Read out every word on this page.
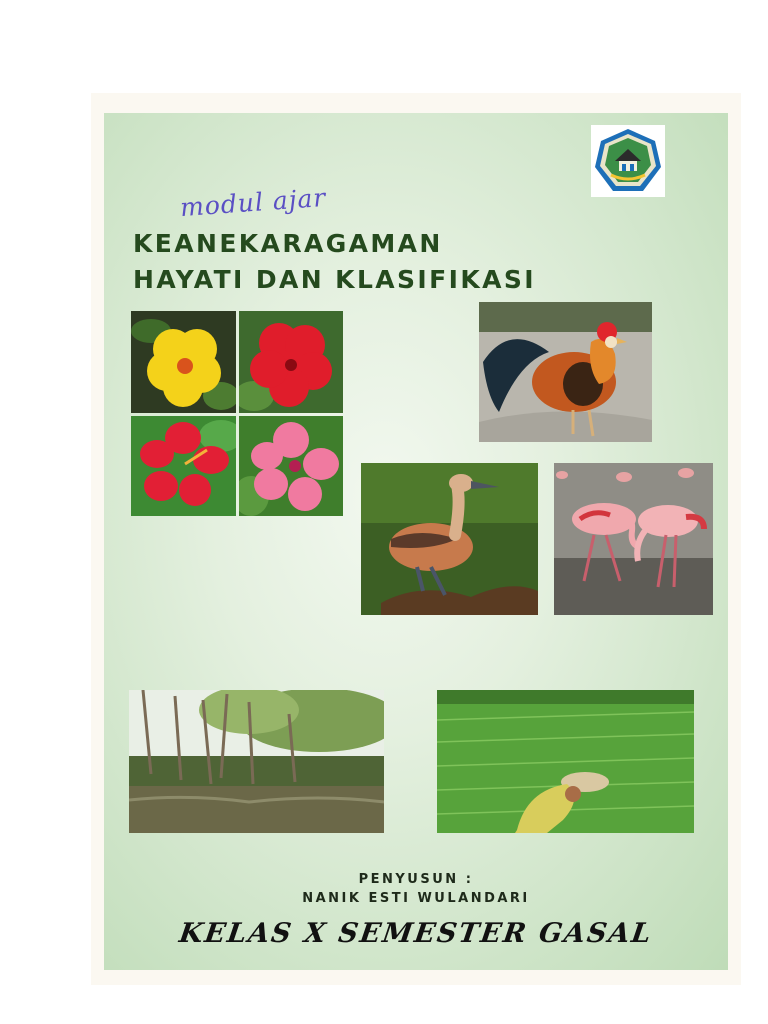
modul ajar
KEANEKARAGAMAN
HAYATI DAN KLASIFIKASI
PENYUSUN :
NANIK ESTI WULANDARI
KELAS X SEMESTER GASAL
